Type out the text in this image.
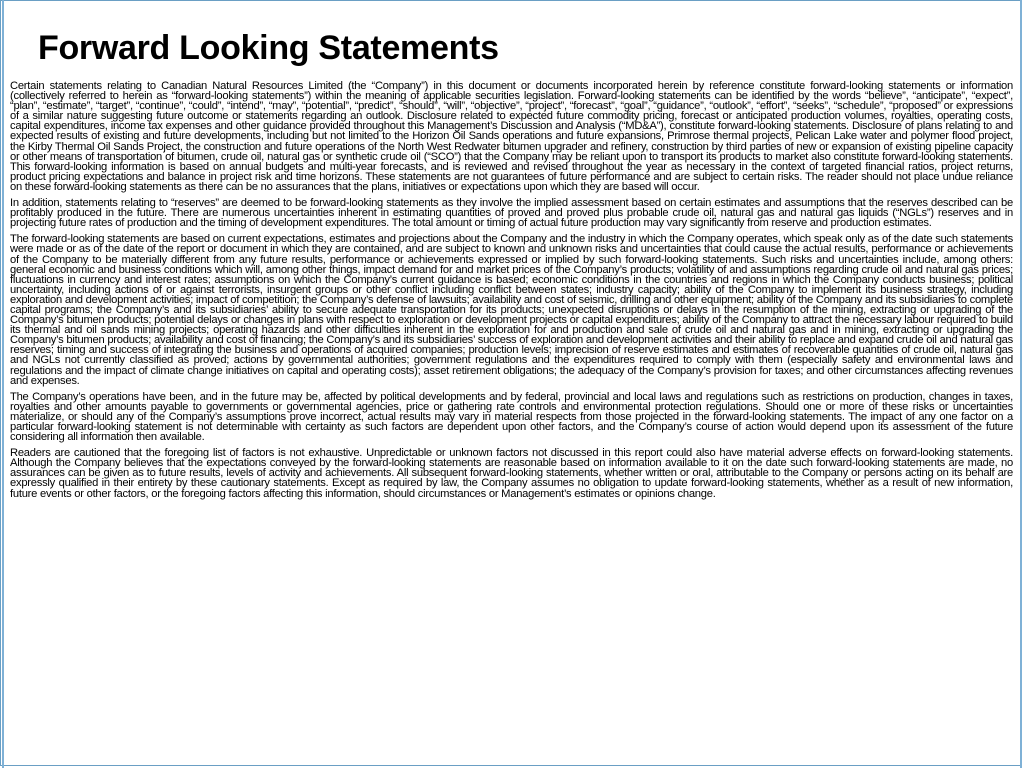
Forward Looking Statements

Certain statements relating to Canadian Natural Resources Limited (the “Company”) in this document or documents incorporated herein by reference constitute forward-looking statements or information (collectively referred to herein as “forward-looking statements”) within the meaning of applicable securities legislation. Forward-looking statements can be identified by the words “believe”, “anticipate”, “expect”, “plan”, “estimate”, “target”, “continue”, “could”, “intend”, “may”, “potential”, “predict”, “should”, “will”, “objective”, “project”, “forecast”, “goal”, “guidance”, “outlook”, “effort”, “seeks”, “schedule”, “proposed” or expressions of a similar nature suggesting future outcome or statements regarding an outlook. Disclosure related to expected future commodity pricing, forecast or anticipated production volumes, royalties, operating costs, capital expenditures, income tax expenses and other guidance provided throughout this Management’s Discussion and Analysis (“MD&A”), constitute forward-looking statements. Disclosure of plans relating to and expected results of existing and future developments, including but not limited to the Horizon Oil Sands operations and future expansions, Primrose thermal projects, Pelican Lake water and polymer flood project, the Kirby Thermal Oil Sands Project, the construction and future operations of the North West Redwater bitumen upgrader and refinery, construction by third parties of new or expansion of existing pipeline capacity or other means of transportation of bitumen, crude oil, natural gas or synthetic crude oil (“SCO”) that the Company may be reliant upon to transport its products to market also constitute forward-looking statements. This forward-looking information is based on annual budgets and multi-year forecasts, and is reviewed and revised throughout the year as necessary in the context of targeted financial ratios, project returns, product pricing expectations and balance in project risk and time horizons. These statements are not guarantees of future performance and are subject to certain risks. The reader should not place undue reliance on these forward-looking statements as there can be no assurances that the plans, initiatives or expectations upon which they are based will occur.

In addition, statements relating to “reserves” are deemed to be forward-looking statements as they involve the implied assessment based on certain estimates and assumptions that the reserves described can be profitably produced in the future. There are numerous uncertainties inherent in estimating quantities of proved and proved plus probable crude oil, natural gas and natural gas liquids (“NGLs”) reserves and in projecting future rates of production and the timing of development expenditures. The total amount or timing of actual future production may vary significantly from reserve and production estimates.

The forward-looking statements are based on current expectations, estimates and projections about the Company and the industry in which the Company operates, which speak only as of the date such statements were made or as of the date of the report or document in which they are contained, and are subject to known and unknown risks and uncertainties that could cause the actual results, performance or achievements of the Company to be materially different from any future results, performance or achievements expressed or implied by such forward-looking statements. Such risks and uncertainties include, among others: general economic and business conditions which will, among other things, impact demand for and market prices of the Company’s products; volatility of and assumptions regarding crude oil and natural gas prices; fluctuations in currency and interest rates; assumptions on which the Company’s current guidance is based; economic conditions in the countries and regions in which the Company conducts business; political uncertainty, including actions of or against terrorists, insurgent groups or other conflict including conflict between states; industry capacity; ability of the Company to implement its business strategy, including exploration and development activities; impact of competition; the Company’s defense of lawsuits; availability and cost of seismic, drilling and other equipment; ability of the Company and its subsidiaries to complete capital programs; the Company’s and its subsidiaries’ ability to secure adequate transportation for its products; unexpected disruptions or delays in the resumption of the mining, extracting or upgrading of the Company’s bitumen products; potential delays or changes in plans with respect to exploration or development projects or capital expenditures; ability of the Company to attract the necessary labour required to build its thermal and oil sands mining projects; operating hazards and other difficulties inherent in the exploration for and production and sale of crude oil and natural gas and in mining, extracting or upgrading the Company’s bitumen products; availability and cost of financing; the Company’s and its subsidiaries’ success of exploration and development activities and their ability to replace and expand crude oil and natural gas reserves; timing and success of integrating the business and operations of acquired companies; production levels; imprecision of reserve estimates and estimates of recoverable quantities of crude oil, natural gas and NGLs not currently classified as proved; actions by governmental authorities; government regulations and the expenditures required to comply with them (especially safety and environmental laws and regulations and the impact of climate change initiatives on capital and operating costs); asset retirement obligations; the adequacy of the Company’s provision for taxes; and other circumstances affecting revenues and expenses.

The Company’s operations have been, and in the future may be, affected by political developments and by federal, provincial and local laws and regulations such as restrictions on production, changes in taxes, royalties and other amounts payable to governments or governmental agencies, price or gathering rate controls and environmental protection regulations. Should one or more of these risks or uncertainties materialize, or should any of the Company’s assumptions prove incorrect, actual results may vary in material respects from those projected in the forward-looking statements. The impact of any one factor on a particular forward-looking statement is not determinable with certainty as such factors are dependent upon other factors, and the Company’s course of action would depend upon its assessment of the future considering all information then available.

Readers are cautioned that the foregoing list of factors is not exhaustive. Unpredictable or unknown factors not discussed in this report could also have material adverse effects on forward-looking statements. Although the Company believes that the expectations conveyed by the forward-looking statements are reasonable based on information available to it on the date such forward-looking statements are made, no assurances can be given as to future results, levels of activity and achievements. All subsequent forward-looking statements, whether written or oral, attributable to the Company or persons acting on its behalf are expressly qualified in their entirety by these cautionary statements. Except as required by law, the Company assumes no obligation to update forward-looking statements, whether as a result of new information, future events or other factors, or the foregoing factors affecting this information, should circumstances or Management’s estimates or opinions change.
